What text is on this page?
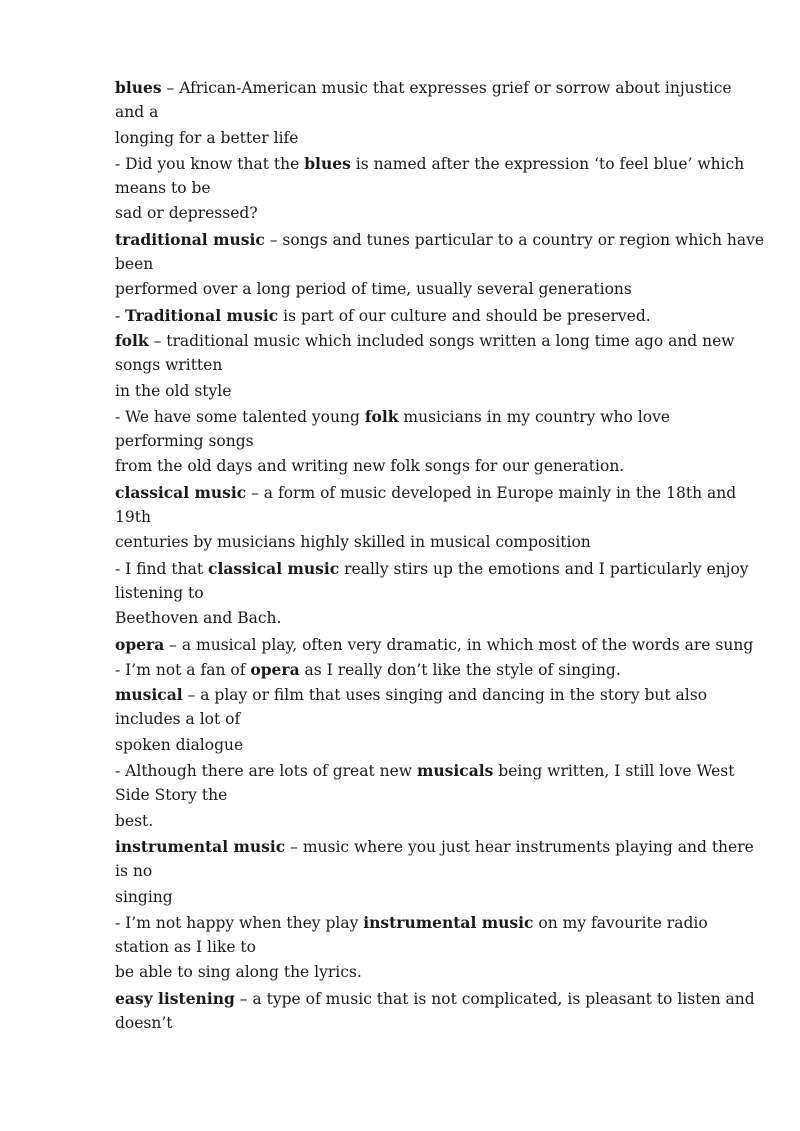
blues – African-American music that expresses grief or sorrow about injustice
and a
longing for a better life
- Did you know that the blues is named after the expression ‘to feel blue’ which
means to be
sad or depressed?
traditional music – songs and tunes particular to a country or region which have
been
performed over a long period of time, usually several generations
- Traditional music is part of our culture and should be preserved.
folk – traditional music which included songs written a long time ago and new
songs written
in the old style
- We have some talented young folk musicians in my country who love
performing songs
from the old days and writing new folk songs for our generation.
classical music – a form of music developed in Europe mainly in the 18th and
19th
centuries by musicians highly skilled in musical composition
- I find that classical music really stirs up the emotions and I particularly enjoy
listening to
Beethoven and Bach.
opera – a musical play, often very dramatic, in which most of the words are sung
- I’m not a fan of opera as I really don’t like the style of singing.
musical – a play or film that uses singing and dancing in the story but also
includes a lot of
spoken dialogue
- Although there are lots of great new musicals being written, I still love West
Side Story the
best.
instrumental music – music where you just hear instruments playing and there
is no
singing
- I’m not happy when they play instrumental music on my favourite radio
station as I like to
be able to sing along the lyrics.
easy listening – a type of music that is not complicated, is pleasant to listen and
doesn’t
